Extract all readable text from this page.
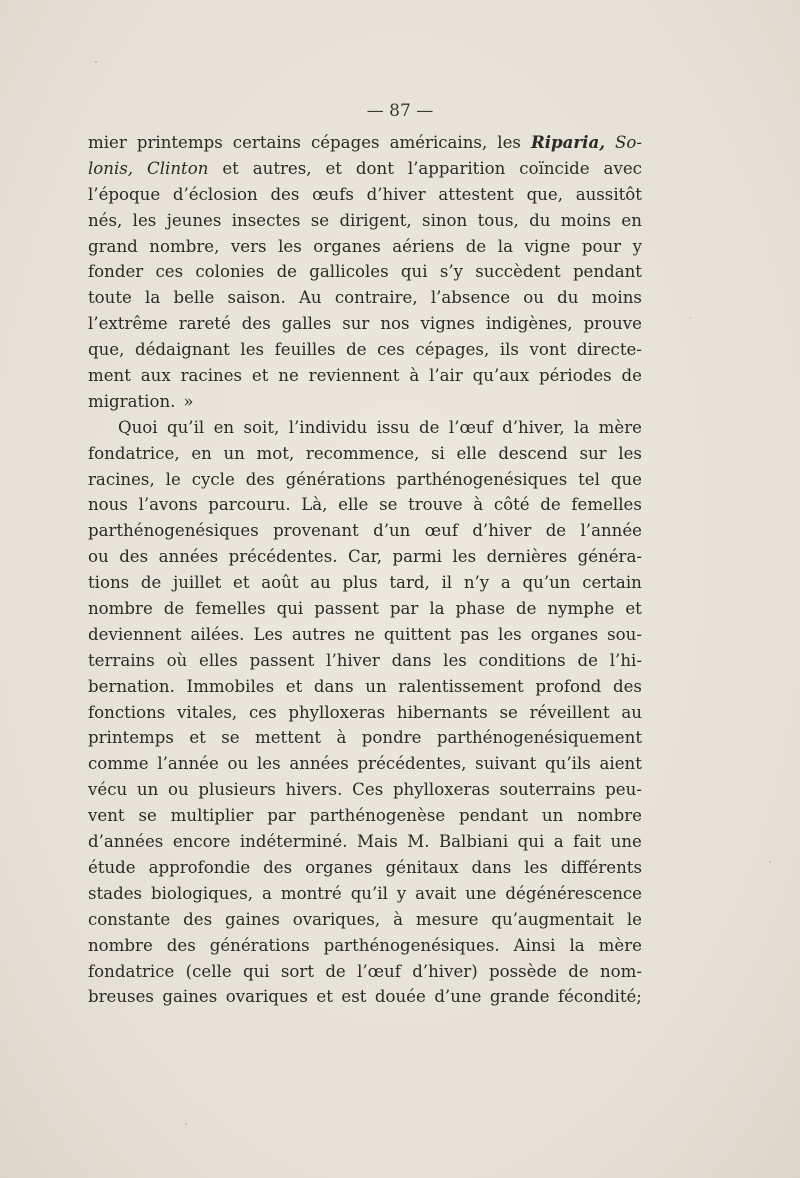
— 87 —
mier printemps certains cépages américains, les Riparia, So-
lonis, Clinton et autres, et dont l’apparition coïncide avec
l’époque d’éclosion des œufs d’hiver attestent que, aussitôt
nés, les jeunes insectes se dirigent, sinon tous, du moins en
grand nombre, vers les organes aériens de la vigne pour y
fonder ces colonies de gallicoles qui s’y succèdent pendant
toute la belle saison. Au contraire, l’absence ou du moins
l’extrême rareté des galles sur nos vignes indigènes, prouve
que, dédaignant les feuilles de ces cépages, ils vont directe-
ment aux racines et ne reviennent à l’air qu’aux périodes de
migration. »
Quoi qu’il en soit, l’individu issu de l’œuf d’hiver, la mère
fondatrice, en un mot, recommence, si elle descend sur les
racines, le cycle des générations parthénogenésiques tel que
nous l’avons parcouru. Là, elle se trouve à côté de femelles
parthénogenésiques provenant d’un œuf d’hiver de l’année
ou des années précédentes. Car, parmi les dernières généra-
tions de juillet et août au plus tard, il n’y a qu’un certain
nombre de femelles qui passent par la phase de nymphe et
deviennent ailées. Les autres ne quittent pas les organes sou-
terrains où elles passent l’hiver dans les conditions de l’hi-
bernation. Immobiles et dans un ralentissement profond des
fonctions vitales, ces phylloxeras hibernants se réveillent au
printemps et se mettent à pondre parthénogenésiquement
comme l’année ou les années précédentes, suivant qu’ils aient
vécu un ou plusieurs hivers. Ces phylloxeras souterrains peu-
vent se multiplier par parthénogenèse pendant un nombre
d’années encore indéterminé. Mais M. Balbiani qui a fait une
étude approfondie des organes génitaux dans les différents
stades biologiques, a montré qu’il y avait une dégénérescence
constante des gaines ovariques, à mesure qu’augmentait le
nombre des générations parthénogenésiques. Ainsi la mère
fondatrice (celle qui sort de l’œuf d’hiver) possède de nom-
breuses gaines ovariques et est douée d’une grande fécondité;
